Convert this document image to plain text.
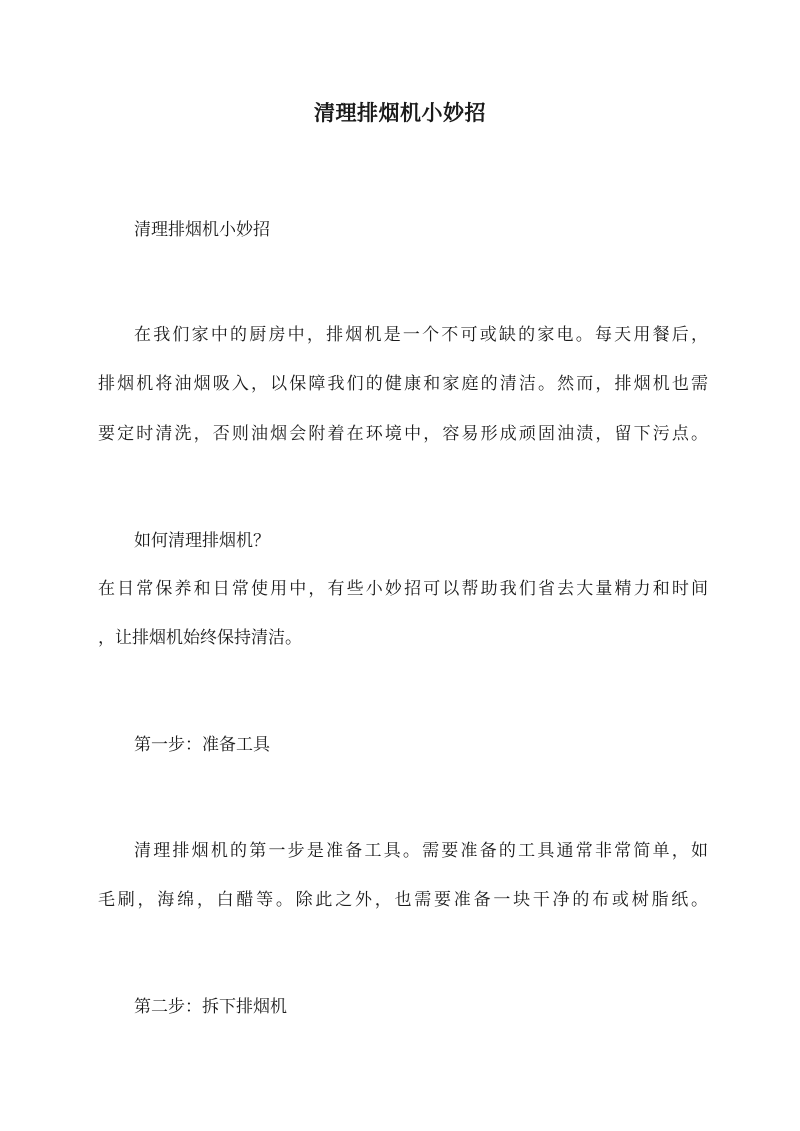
清理排烟机小妙招
清理排烟机小妙招
在我们家中的厨房中，排烟机是一个不可或缺的家电。每天用餐后，
排烟机将油烟吸入，以保障我们的健康和家庭的清洁。然而，排烟机也需
要定时清洗，否则油烟会附着在环境中，容易形成顽固油渍，留下污点。
如何清理排烟机？
在日常保养和日常使用中，有些小妙招可以帮助我们省去大量精力和时间
，让排烟机始终保持清洁。
第一步：准备工具
清理排烟机的第一步是准备工具。需要准备的工具通常非常简单，如
毛刷，海绵，白醋等。除此之外，也需要准备一块干净的布或树脂纸。
第二步：拆下排烟机
